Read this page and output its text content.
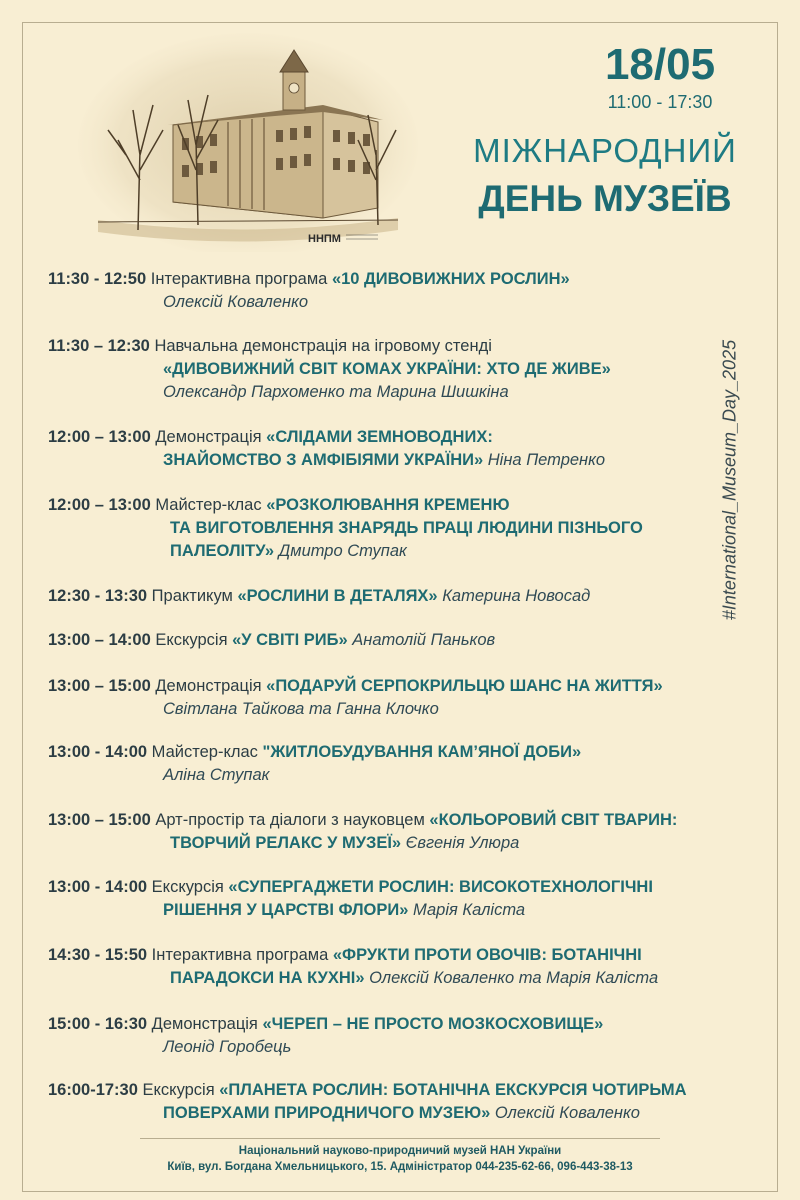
ННПМ
18/05
11:00 - 17:30
МІЖНАРОДНИЙ
ДЕНЬ МУЗЕЇВ
#International_Museum_Day_2025
11:30 - 12:50 Інтерактивна програма «10 ДИВОВИЖНИХ РОСЛИН»
Олексій Коваленко
11:30 – 12:30 Навчальна демонстрація на ігровому стенді
«ДИВОВИЖНИЙ СВІТ КОМАХ УКРАЇНИ: ХТО ДЕ ЖИВЕ»
Олександр Пархоменко та Марина Шишкіна
12:00 – 13:00 Демонстрація «СЛІДАМИ ЗЕМНОВОДНИХ:
ЗНАЙОМСТВО З АМФІБІЯМИ УКРАЇНИ» Ніна Петренко
12:00 – 13:00 Майстер-клас «РОЗКОЛЮВАННЯ КРЕМЕНЮ
ТА ВИГОТОВЛЕННЯ ЗНАРЯДЬ ПРАЦІ ЛЮДИНИ ПІЗНЬОГО
ПАЛЕОЛІТУ» Дмитро Ступак
12:30 - 13:30 Практикум «РОСЛИНИ В ДЕТАЛЯХ» Катерина Новосад
13:00 – 14:00 Екскурсія «У СВІТІ РИБ» Анатолій Паньков
13:00 – 15:00 Демонстрація «ПОДАРУЙ СЕРПОКРИЛЬЦЮ ШАНС НА ЖИТТЯ»
Світлана Тайкова та Ганна Клочко
13:00 - 14:00 Майстер-клас "ЖИТЛОБУДУВАННЯ КАМ’ЯНОЇ ДОБИ»
Аліна Ступак
13:00 – 15:00 Арт-простір та діалоги з науковцем «КОЛЬОРОВИЙ СВІТ ТВАРИН:
ТВОРЧИЙ РЕЛАКС У МУЗЕЇ» Євгенія Улюра
13:00 - 14:00 Екскурсія «СУПЕРГАДЖЕТИ РОСЛИН: ВИСОКОТЕХНОЛОГІЧНІ
РІШЕННЯ У ЦАРСТВІ ФЛОРИ» Марія Каліста
14:30 - 15:50 Інтерактивна програма «ФРУКТИ ПРОТИ ОВОЧІВ: БОТАНІЧНІ
ПАРАДОКСИ НА КУХНІ» Олексій Коваленко та Марія Каліста
15:00 - 16:30 Демонстрація «ЧЕРЕП – НЕ ПРОСТО МОЗКОСХОВИЩЕ»
Леонід Горобець
16:00-17:30 Екскурсія «ПЛАНЕТА РОСЛИН: БОТАНІЧНА ЕКСКУРСІЯ ЧОТИРЬМА
ПОВЕРХАМИ ПРИРОДНИЧОГО МУЗЕЮ» Олексій Коваленко
Національний науково-природничий музей НАН України
Київ, вул. Богдана Хмельницького, 15. Адміністратор 044-235-62-66, 096-443-38-13
